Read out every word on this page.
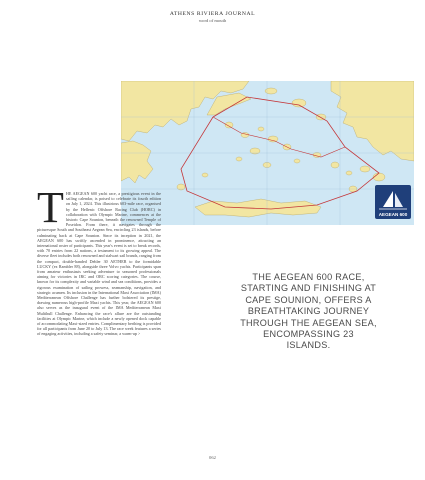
ATHENS RIVIERA JOURNAL
word of mouth
AEGEAN 600
T HE AEGEAN 600 yacht race, a prestigious event in the sailing calendar, is poised to celebrate its fourth edition on July 1, 2024. This illustrious 603-mile race, organised by the Hellenic Offshore Racing Club (HORC) in collaboration with Olympic Marine, commences at the historic Cape Sounion, beneath the renowned Temple of Poseidon. From there, it navigates through the picturesque South and Southeast Aegean Sea, encircling 23 islands, before culminating back at Cape Sounion. Since its inception in 2021, the AEGEAN 600 has swiftly ascended in prominence, attracting an international roster of participants. This year's event is set to break records, with 70 entries from 22 nations, a testament to its growing appeal. The diverse fleet includes both renowned and stalwart sail brands, ranging from the compact, double-handed Dehler 30 AETHER to the formidable LUCKY (ex Rambler 88), alongside three Volvo yachts. Participants span from amateur enthusiasts seeking adventure to seasoned professionals aiming for victories in IRC and ORC scoring categories. The course, known for its complexity and variable wind and sea conditions, provides a rigorous examination of sailing prowess, seamanship, navigation, and strategic acumen. Its inclusion in the International Maxi Association (IMA) Mediterranean Offshore Challenge has further bolstered its prestige, drawing numerous high-profile Maxi yachts. This year, the AEGEAN 600 also serves as the inaugural event of the IMA Mediterranean Maxi Multihull Challenge. Enhancing the race's allure are the outstanding facilities at Olympic Marine, which include a newly opened dock capable of accommodating Maxi-sized entries. Complimentary berthing is provided for all participants from June 20 to July 13. The race week features a series of engaging activities, including a safety seminar, a warm-up >

THE AEGEAN 600 RACE, STARTING AND FINISHING AT CAPE SOUNION, OFFERS A BREATHTAKING JOURNEY THROUGH THE AEGEAN SEA, ENCOMPASSING 23 ISLANDS.
062
